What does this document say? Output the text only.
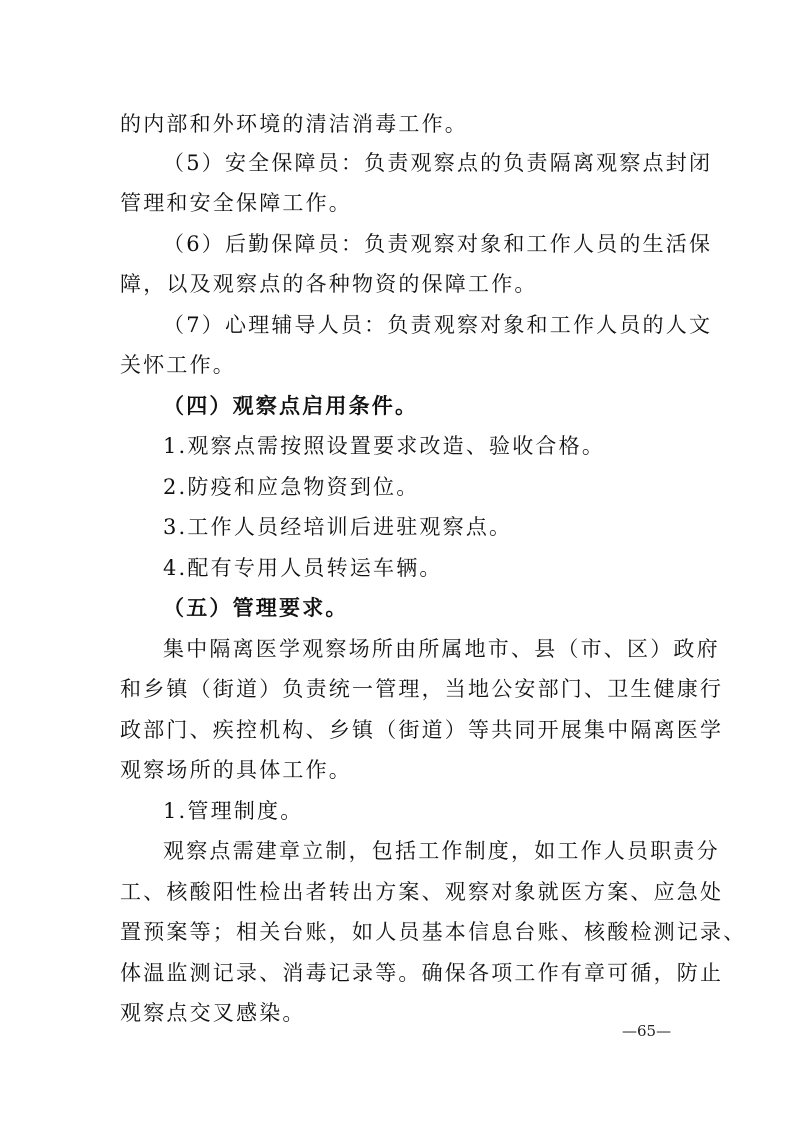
的内部和外环境的清洁消毒工作。
（5）安全保障员：负责观察点的负责隔离观察点封闭
管理和安全保障工作。
（6）后勤保障员：负责观察对象和工作人员的生活保
障，以及观察点的各种物资的保障工作。
（7）心理辅导人员：负责观察对象和工作人员的人文
关怀工作。
（四）观察点启用条件。
1.观察点需按照设置要求改造、验收合格。
2.防疫和应急物资到位。
3.工作人员经培训后进驻观察点。
4.配有专用人员转运车辆。
（五）管理要求。
集中隔离医学观察场所由所属地市、县（市、区）政府
和乡镇（街道）负责统一管理，当地公安部门、卫生健康行
政部门、疾控机构、乡镇（街道）等共同开展集中隔离医学
观察场所的具体工作。
1.管理制度。
观察点需建章立制，包括工作制度，如工作人员职责分
工、核酸阳性检出者转出方案、观察对象就医方案、应急处
置预案等；相关台账，如人员基本信息台账、核酸检测记录、
体温监测记录、消毒记录等。确保各项工作有章可循，防止
观察点交叉感染。
—65—
